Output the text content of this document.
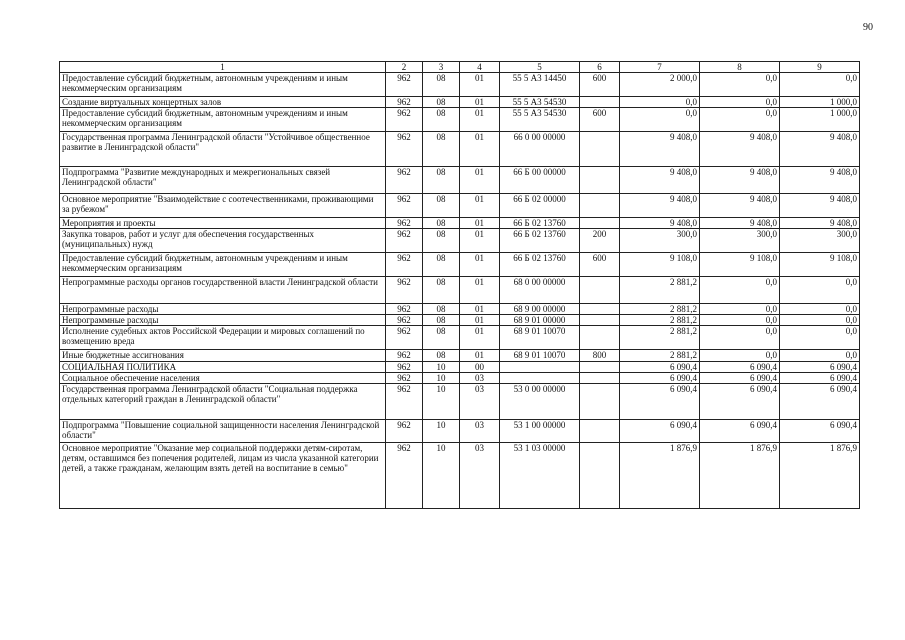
90
1	2	3	4	5	6	7	8	9
Предоставление субсидий бюджетным, автономным учреждениям и иным некоммерческим организациям	962	08	01	55 5 А3 14450	600	2 000,0	0,0	0,0
Создание виртуальных концертных залов	962	08	01	55 5 А3 54530		0,0	0,0	1 000,0
Предоставление субсидий бюджетным, автономным учреждениям и иным некоммерческим организациям	962	08	01	55 5 А3 54530	600	0,0	0,0	1 000,0
Государственная программа Ленинградской области "Устойчивое общественное развитие в Ленинградской области"	962	08	01	66 0 00 00000		9 408,0	9 408,0	9 408,0
Подпрограмма "Развитие международных и межрегиональных связей Ленинградской области"	962	08	01	66 Б 00 00000		9 408,0	9 408,0	9 408,0
Основное мероприятие "Взаимодействие с соотечественниками, проживающими за рубежом"	962	08	01	66 Б 02 00000		9 408,0	9 408,0	9 408,0
Мероприятия и проекты	962	08	01	66 Б 02 13760		9 408,0	9 408,0	9 408,0
Закупка товаров, работ и услуг для обеспечения государственных (муниципальных) нужд	962	08	01	66 Б 02 13760	200	300,0	300,0	300,0
Предоставление субсидий бюджетным, автономным учреждениям и иным некоммерческим организациям	962	08	01	66 Б 02 13760	600	9 108,0	9 108,0	9 108,0
Непрограммные расходы органов государственной власти Ленинградской области	962	08	01	68 0 00 00000		2 881,2	0,0	0,0
Непрограммные расходы	962	08	01	68 9 00 00000		2 881,2	0,0	0,0
Непрограммные расходы	962	08	01	68 9 01 00000		2 881,2	0,0	0,0
Исполнение судебных актов Российской Федерации и мировых соглашений по возмещению вреда	962	08	01	68 9 01 10070		2 881,2	0,0	0,0
Иные бюджетные ассигнования	962	08	01	68 9 01 10070	800	2 881,2	0,0	0,0
СОЦИАЛЬНАЯ ПОЛИТИКА	962	10	00			6 090,4	6 090,4	6 090,4
Социальное обеспечение населения	962	10	03			6 090,4	6 090,4	6 090,4
Государственная программа Ленинградской области "Социальная поддержка отдельных категорий граждан в Ленинградской области"	962	10	03	53 0 00 00000		6 090,4	6 090,4	6 090,4
Подпрограмма "Повышение социальной защищенности населения Ленинградской области"	962	10	03	53 1 00 00000		6 090,4	6 090,4	6 090,4
Основное мероприятие "Оказание мер социальной поддержки детям-сиротам, детям, оставшимся без попечения родителей, лицам из числа указанной категории детей, а также гражданам, желающим взять детей на воспитание в семью"	962	10	03	53 1 03 00000		1 876,9	1 876,9	1 876,9
